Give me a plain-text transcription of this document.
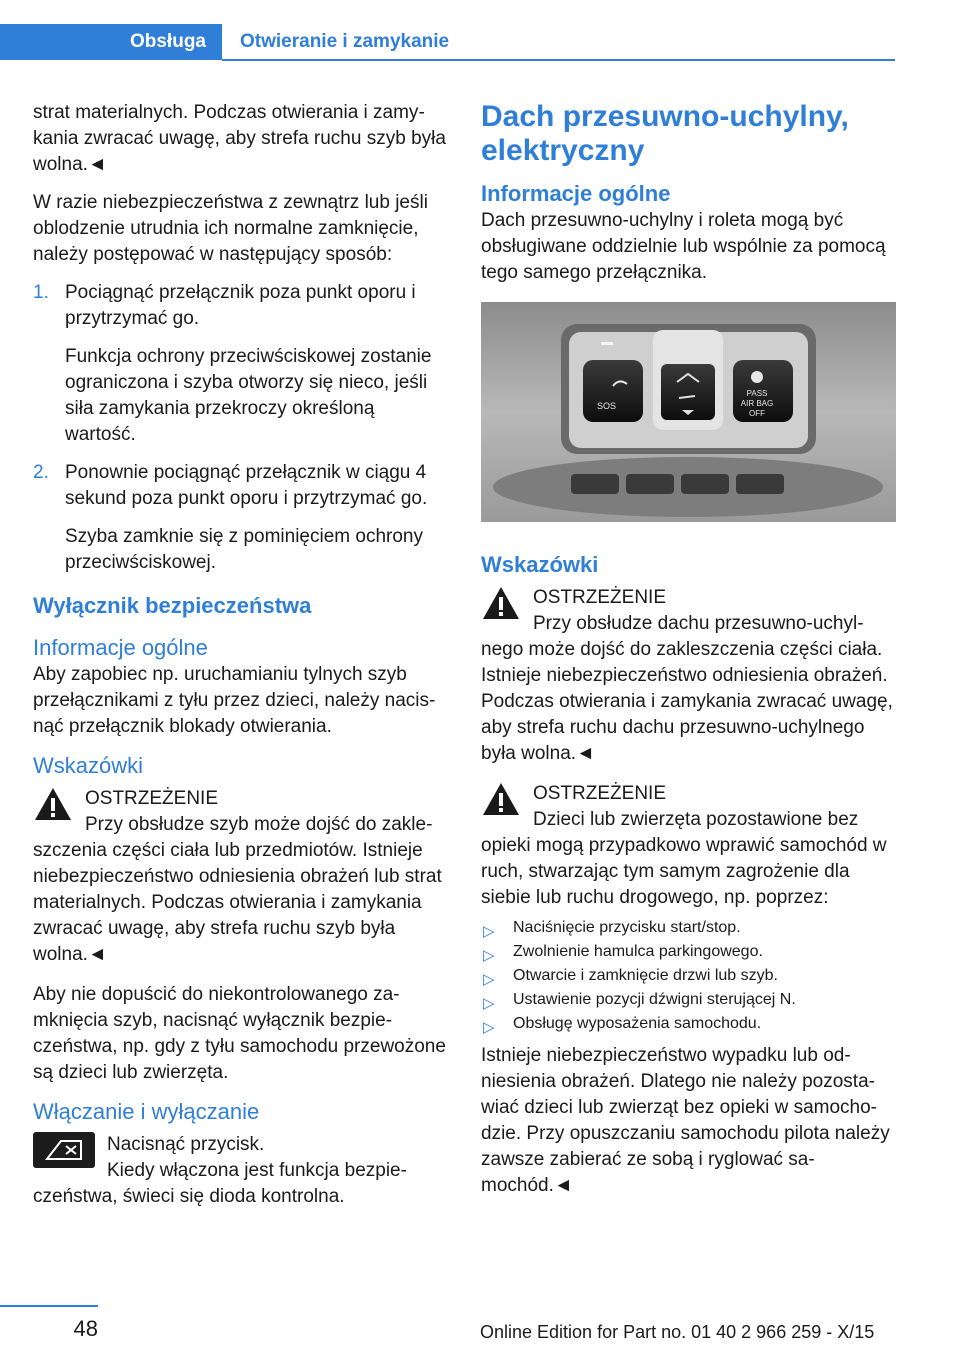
Obsługa	Otwieranie i zamykanie

strat materialnych. Podczas otwierania i zamykania zwracać uwagę, aby strefa ruchu szyb była wolna.◄

W razie niebezpieczeństwa z zewnątrz lub jeśli oblodzenie utrudnia ich normalne zamknięcie, należy postępować w następujący sposób:

1. Pociągnąć przełącznik poza punkt oporu i przytrzymać go.

Funkcja ochrony przeciwściskowej zostanie ograniczona i szyba otworzy się nieco, jeśli siła zamykania przekroczy określoną wartość.

2. Ponownie pociągnąć przełącznik w ciągu 4 sekund poza punkt oporu i przytrzymać go.

Szyba zamknie się z pominięciem ochrony przeciwściskowej.

Wyłącznik bezpieczeństwa
Informacje ogólne

Aby zapobiec np. uruchamianiu tylnych szyb przełącznikami z tyłu przez dzieci, należy nacisnąć przełącznik blokady otwierania.

Wskazówki

OSTRZEŻENIE

Przy obsłudze szyb może dojść do zakleszczenia części ciała lub przedmiotów. Istnieje niebezpieczeństwo odniesienia obrażeń lub strat materialnych. Podczas otwierania i zamykania zwracać uwagę, aby strefa ruchu szyb była wolna.◄

Aby nie dopuścić do niekontrolowanego zamknięcia szyb, nacisnąć wyłącznik bezpieczeństwa, np. gdy z tyłu samochodu przewożone są dzieci lub zwierzęta.

Włączanie i wyłączanie

Nacisnąć przycisk.

Kiedy włączona jest funkcja bezpieczeństwa, świeci się dioda kontrolna.

Dach przesuwno-uchylny, elektryczny
Informacje ogólne

Dach przesuwno-uchylny i roleta mogą być obsługiwane oddzielnie lub wspólnie za pomocą tego samego przełącznika.

SOS
PASS
AIR BAG
OFF
Wskazówki

OSTRZEŻENIE

Przy obsłudze dachu przesuwno-uchylnego może dojść do zakleszczenia części ciała. Istnieje niebezpieczeństwo odniesienia obrażeń. Podczas otwierania i zamykania zwracać uwagę, aby strefa ruchu dachu przesuwno-uchylnego była wolna.◄

OSTRZEŻENIE

Dzieci lub zwierzęta pozostawione bez opieki mogą przypadkowo wprawić samochód w ruch, stwarzając tym samym zagrożenie dla siebie lub ruchu drogowego, np. poprzez:

▷ Naciśnięcie przycisku start/stop.
▷ Zwolnienie hamulca parkingowego.
▷ Otwarcie i zamknięcie drzwi lub szyb.
▷ Ustawienie pozycji dźwigni sterującej N.
▷ Obsługę wyposażenia samochodu.

Istnieje niebezpieczeństwo wypadku lub odniesienia obrażeń. Dlatego nie należy pozostawiać dzieci lub zwierząt bez opieki w samochodzie. Przy opuszczaniu samochodu pilota należy zawsze zabierać ze sobą i ryglować samochód.◄

48	Online Edition for Part no. 01 40 2 966 259 - X/15
